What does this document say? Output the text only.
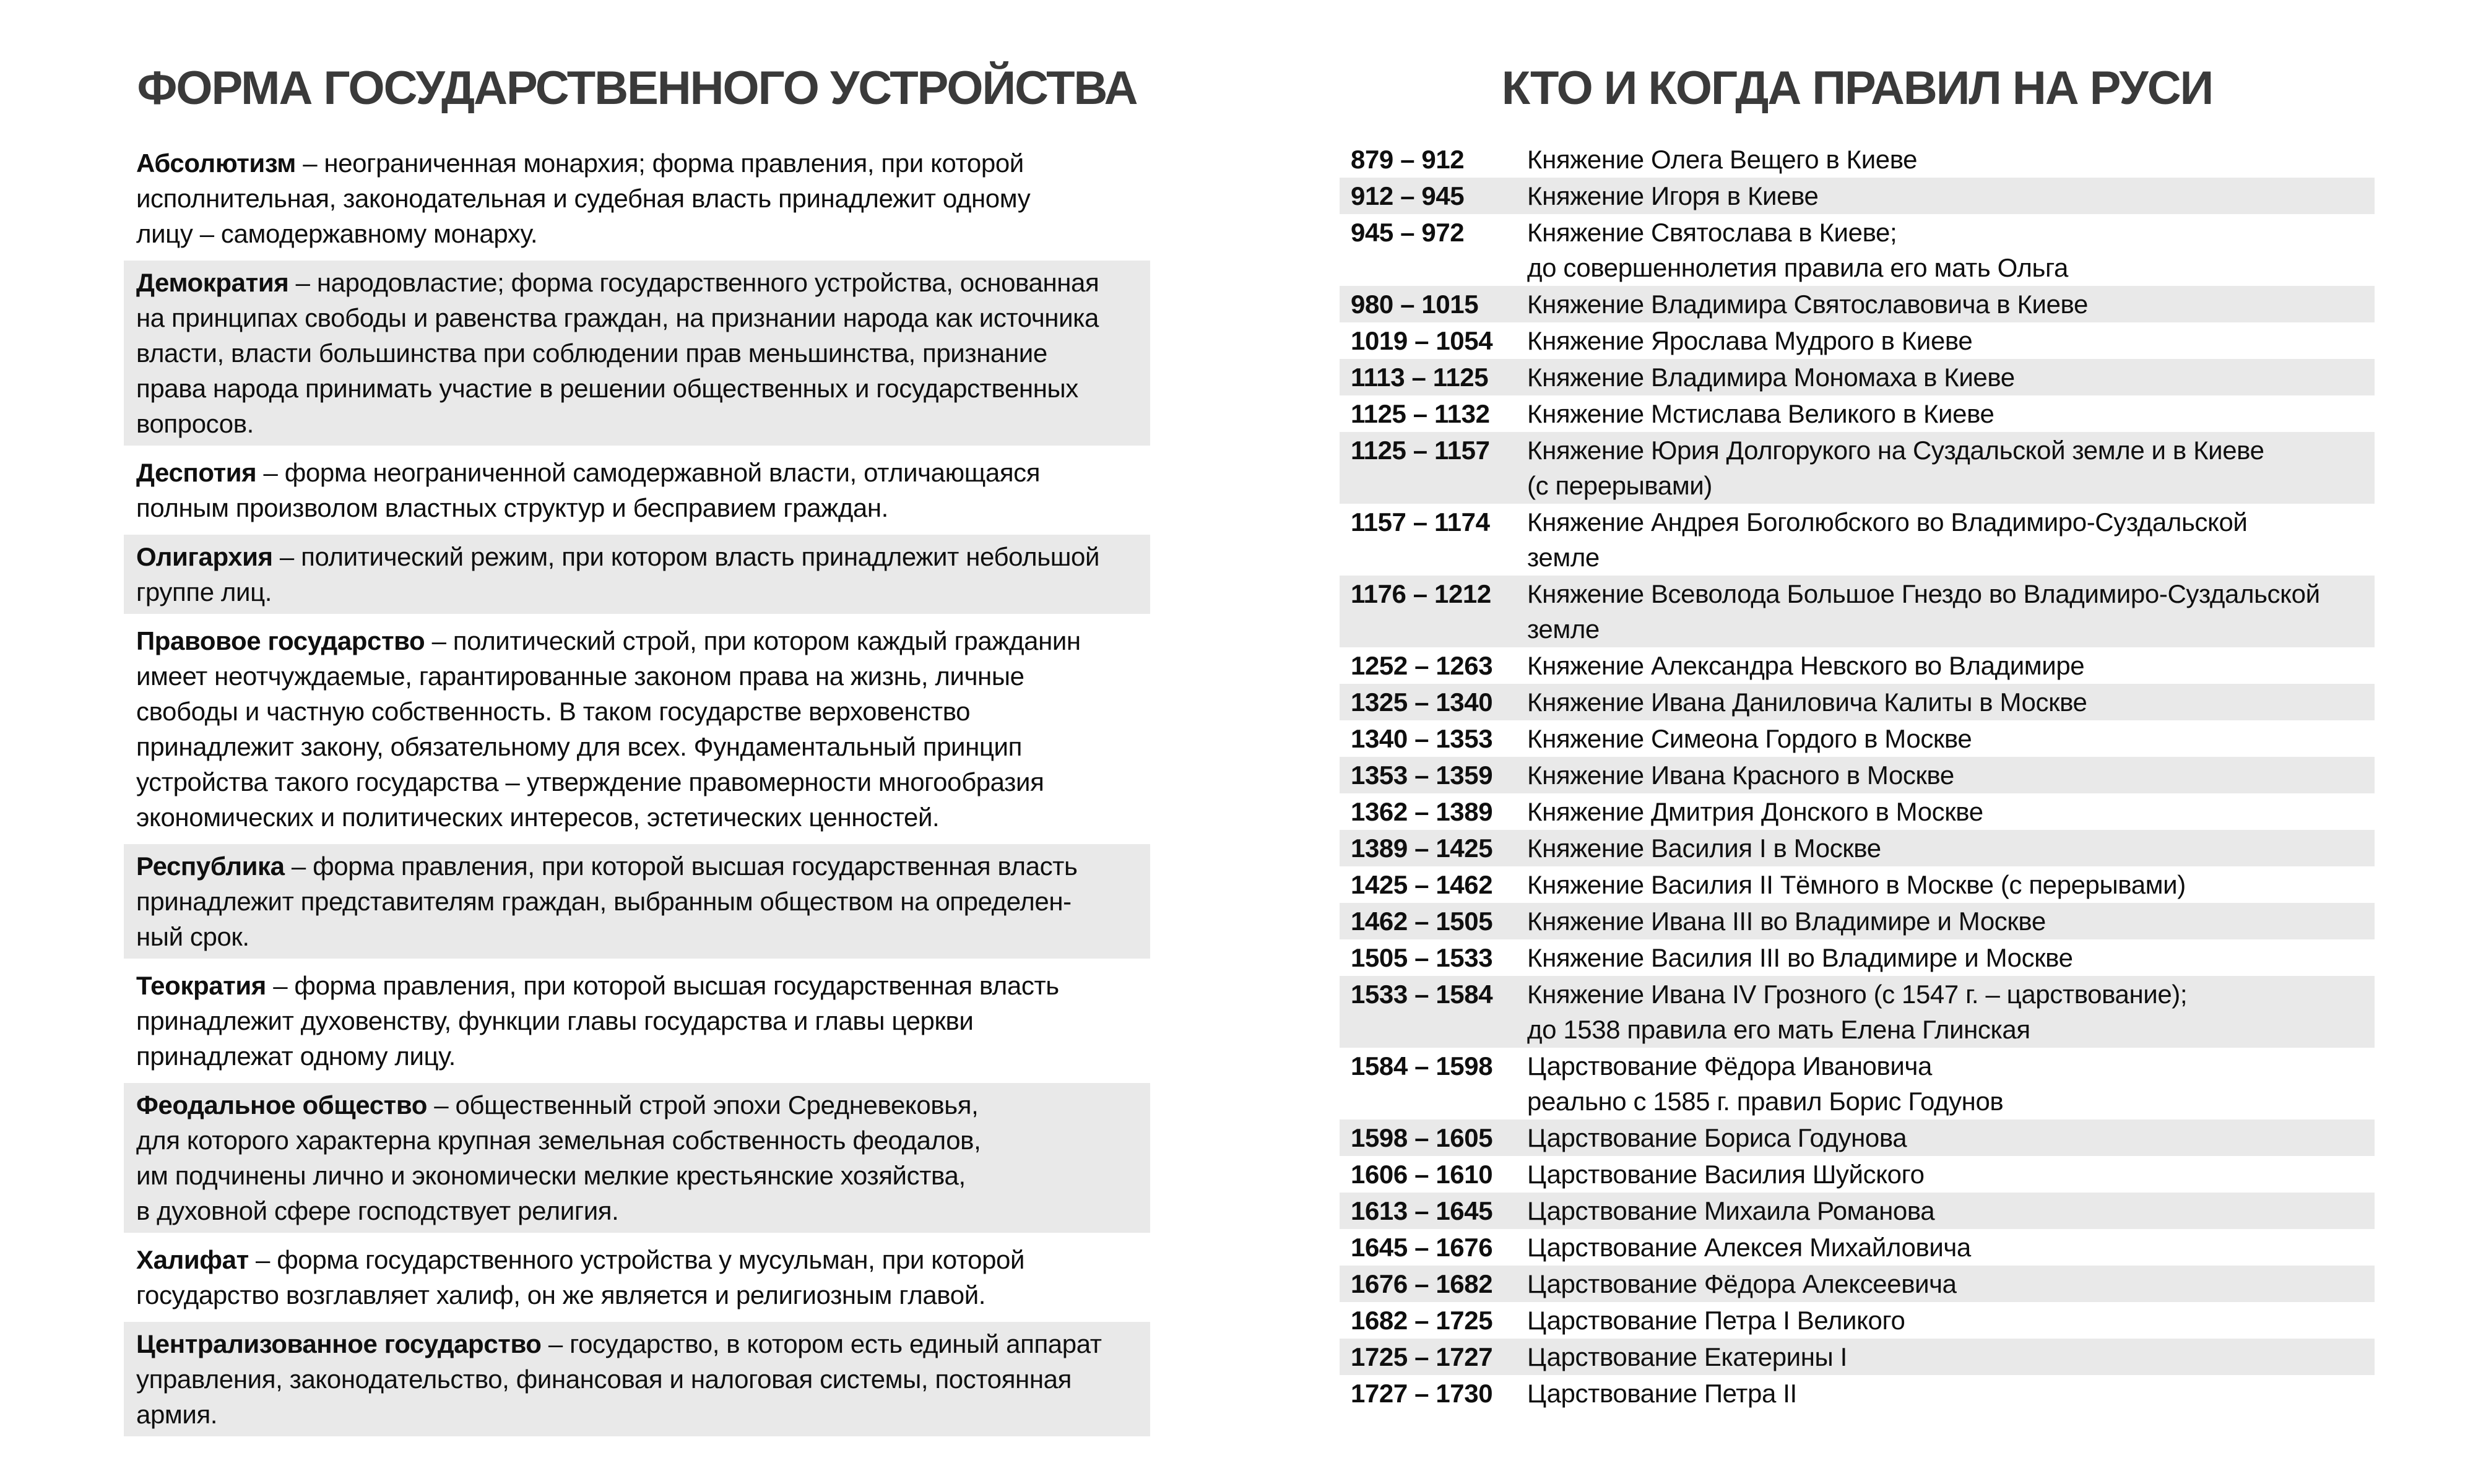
ФОРМА ГОСУДАРСТВЕННОГО УСТРОЙСТВА
Абсолютизм – неограниченная монархия; форма правления, при которой
исполнительная, законодательная и судебная власть принадлежит одному
лицу – самодержавному монарху.
Демократия – народовластие; форма государственного устройства, основанная
на принципах свободы и равенства граждан, на признании народа как источника
власти, власти большинства при соблюдении прав меньшинства, признание
права народа принимать участие в решении общественных и государственных
вопросов.
Деспотия – форма неограниченной самодержавной власти, отличающаяся
полным произволом властных структур и бесправием граждан.
Олигархия – политический режим, при котором власть принадлежит небольшой
группе лиц.
Правовое государство – политический строй, при котором каждый гражданин
имеет неотчуждаемые, гарантированные законом права на жизнь, личные
свободы и частную собственность. В таком государстве верховенство
принадлежит закону, обязательному для всех. Фундаментальный принцип
устройства такого государства – утверждение правомерности многообразия
экономических и политических интересов, эстетических ценностей.
Республика – форма правления, при которой высшая государственная власть
принадлежит представителям граждан, выбранным обществом на определен-
ный срок.
Теократия – форма правления, при которой высшая государственная власть
принадлежит духовенству, функции главы государства и главы церкви
принадлежат одному лицу.
Феодальное общество – общественный строй эпохи Средневековья,
для которого характерна крупная земельная собственность феодалов,
им подчинены лично и экономически мелкие крестьянские хозяйства,
в духовной сфере господствует религия.
Халифат – форма государственного устройства у мусульман, при которой
государство возглавляет халиф, он же является и религиозным главой.
Централизованное государство – государство, в котором есть единый аппарат
управления, законодательство, финансовая и налоговая системы, постоянная
армия.
КТО И КОГДА ПРАВИЛ НА РУСИ
879 – 912	Княжение Олега Вещего в Киеве
912 – 945	Княжение Игоря в Киеве
945 – 972	Княжение Святослава в Киеве;
до совершеннолетия правила его мать Ольга
980 – 1015	Княжение Владимира Святославовича в Киеве
1019 – 1054	Княжение Ярослава Мудрого в Киеве
1113 – 1125	Княжение Владимира Мономаха в Киеве
1125 – 1132	Княжение Мстислава Великого в Киеве
1125 – 1157	Княжение Юрия Долгорукого на Суздальской земле и в Киеве
(с перерывами)
1157 – 1174	Княжение Андрея Боголюбского во Владимиро-Суздальской
земле
1176 – 1212	Княжение Всеволода Большое Гнездо во Владимиро-Суздальской
земле
1252 – 1263	Княжение Александра Невского во Владимире
1325 – 1340	Княжение Ивана Даниловича Калиты в Москве
1340 – 1353	Княжение Симеона Гордого в Москве
1353 – 1359	Княжение Ивана Красного в Москве
1362 – 1389	Княжение Дмитрия Донского в Москве
1389 – 1425	Княжение Василия I в Москве
1425 – 1462	Княжение Василия II Тёмного в Москве (с перерывами)
1462 – 1505	Княжение Ивана III во Владимире и Москве
1505 – 1533	Княжение Василия III во Владимире и Москве
1533 – 1584	Княжение Ивана IV Грозного (с 1547 г. – царствование);
до 1538 правила его мать Елена Глинская
1584 – 1598	Царствование Фёдора Ивановича
реально с 1585 г. правил Борис Годунов
1598 – 1605	Царствование Бориса Годунова
1606 – 1610	Царствование Василия Шуйского
1613 – 1645	Царствование Михаила Романова
1645 – 1676	Царствование Алексея Михайловича
1676 – 1682	Царствование Фёдора Алексеевича
1682 – 1725	Царствование Петра I Великого
1725 – 1727	Царствование Екатерины I
1727 – 1730	Царствование Петра II
